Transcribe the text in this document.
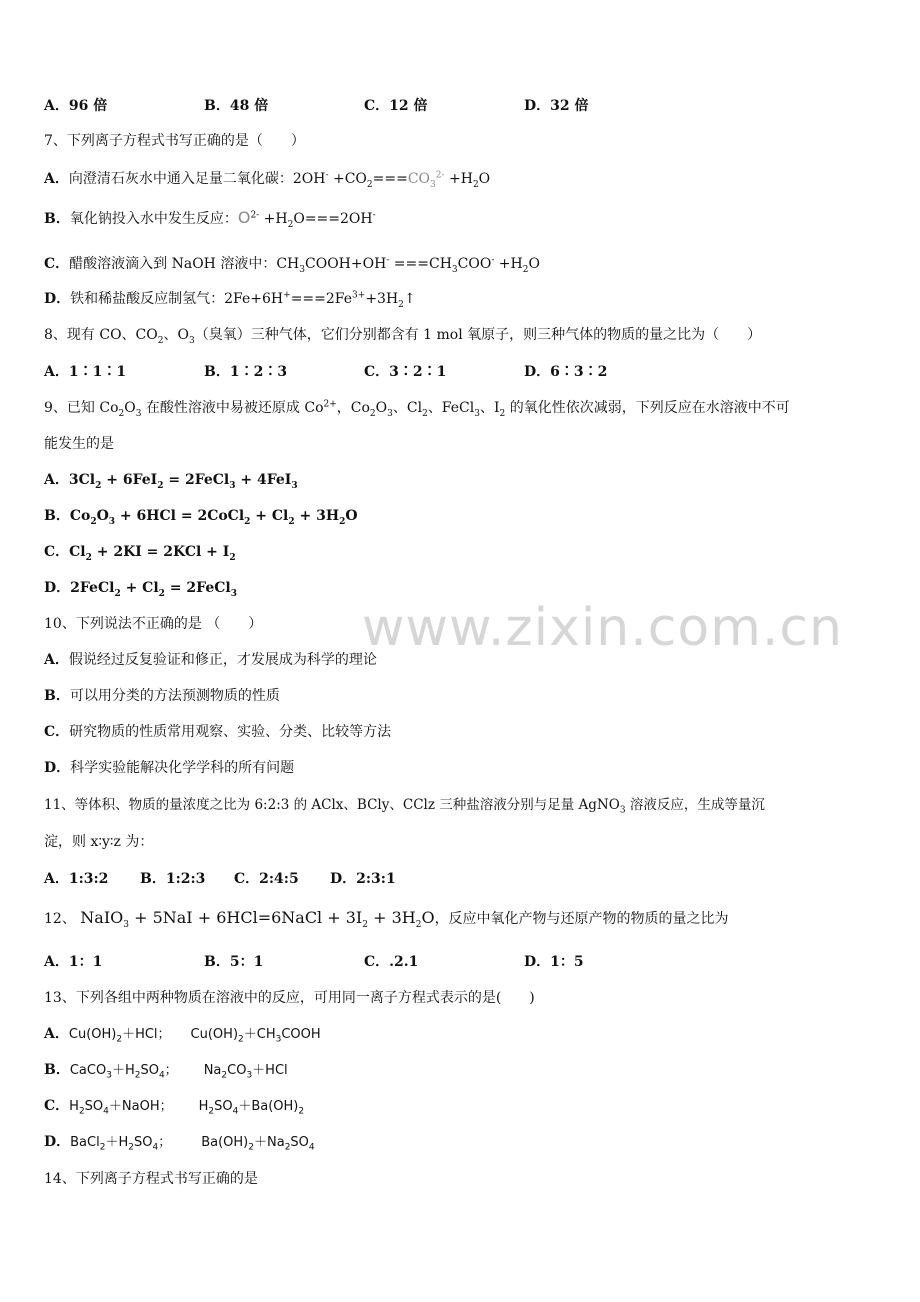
www.zixin.com.cn
A．96 倍	B．48 倍	C．12 倍	D．32 倍
7、下列离子方程式书写正确的是（　　）
A．向澄清石灰水中通入足量二氧化碳：$2OH^- +CO_2===CO_3^{2-} +H_2O$
B．氧化钠投入水中发生反应：$O^{2-} +H_2O===2OH^-$
C．醋酸溶液滴入到 NaOH 溶液中：$CH_3COOH+OH^- ===CH_3COO^- +H_2O$
D．铁和稀盐酸反应制氢气：$2Fe+6H^+===2Fe^{3+}+3H_2↑$
8、现有 CO、$CO_2$、$O_3$（臭氧）三种气体，它们分别都含有 1 mol 氧原子，则三种气体的物质的量之比为（　　）
A．1∶1∶1	B．1∶2∶3	C．3∶2∶1	D．6∶3∶2
9、已知 $Co_2O_3$ 在酸性溶液中易被还原成 $Co^{2+}$，$Co_2O_3$、$Cl_2$、FeCl$_3$、$I_2$ 的氧化性依次减弱，下列反应在水溶液中不可
能发生的是
A．$3Cl_2 + 6FeI_2$ = 2FeCl$_3$ + 4FeI$_3$
B．$Co_2O_3 + 6HCl$ = 2CoCl$_2$ + $Cl_2 + 3H_2O$
C．$Cl_2 + 2KI = 2KCl + I_2$
D．2FeCl$_2$ + $Cl_2$ = 2FeCl$_3$
10、下列说法不正确的是 （　　）
A．假说经过反复验证和修正，才发展成为科学的理论
B．可以用分类的方法预测物质的性质
C．研究物质的性质常用观察、实验、分类、比较等方法
D．科学实验能解决化学学科的所有问题
11、等体积、物质的量浓度之比为 6:2:3 的 AClx、BCly、CClz 三种盐溶液分别与足量 AgNO$_3$ 溶液反应，生成等量沉
淀，则 x∶y∶z 为：
A．1:3:2 B．1:2:3 C．2:4:5 D．2:3:1
12、 NaIO$_3$ + 5NaI + 6HCl=6NaCl + $3I_2 + 3H_2O$，反应中氧化产物与还原产物的物质的量之比为
A．1：1	B．5：1	C．.2.1	D．1：5
13、下列各组中两种物质在溶液中的反应，可用同一离子方程式表示的是(　　)
A．$Cu(OH)_2+HCl$； $Cu(OH)_2+CH_3COOH$
B．$CaCO_3+H_2SO_4$； $Na_2CO_3+HCl$
C．$H_2SO_4+NaOH$； $H_2SO_4+Ba(OH)_2$
D．$BaCl_2+H_2SO_4$； $Ba(OH)_2+Na_2SO_4$
14、下列离子方程式书写正确的是
